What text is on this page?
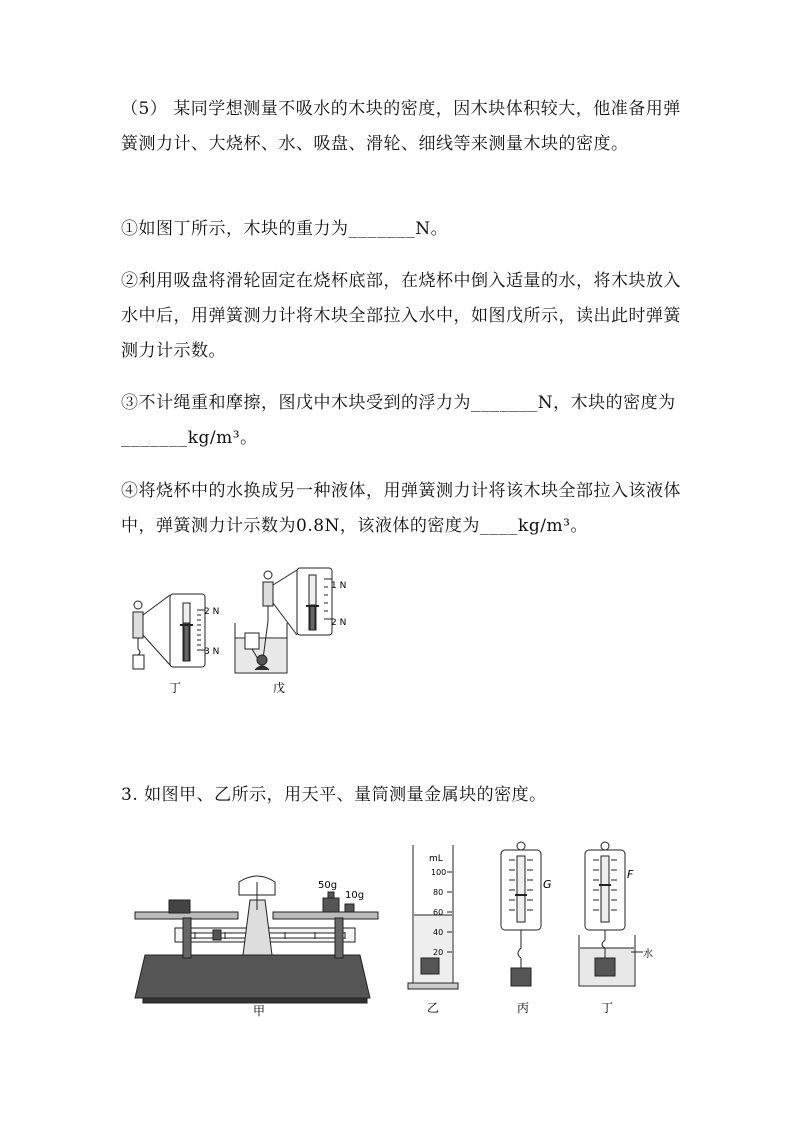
（5） 某同学想测量不吸水的木块的密度，因木块体积较大，他准备用弹簧测力计、大烧杯、水、吸盘、滑轮、细线等来测量木块的密度。
①如图丁所示，木块的重力为_______N。
②利用吸盘将滑轮固定在烧杯底部，在烧杯中倒入适量的水，将木块放入水中后，用弹簧测力计将木块全部拉入水中，如图戊所示，读出此时弹簧测力计示数。
③不计绳重和摩擦，图戊中木块受到的浮力为_______N，木块的密度为_______kg/m³。
④将烧杯中的水换成另一种液体，用弹簧测力计将该木块全部拉入该液体中，弹簧测力计示数为0.8N，该液体的密度为____kg/m³。
2 N
3 N
丁
1 N
2 N
戊
3. 如图甲、乙所示，用天平、量筒测量金属块的密度。
50g
10g
甲
mL
100
80
60
40
20
乙
G
丙
F
水
丁
